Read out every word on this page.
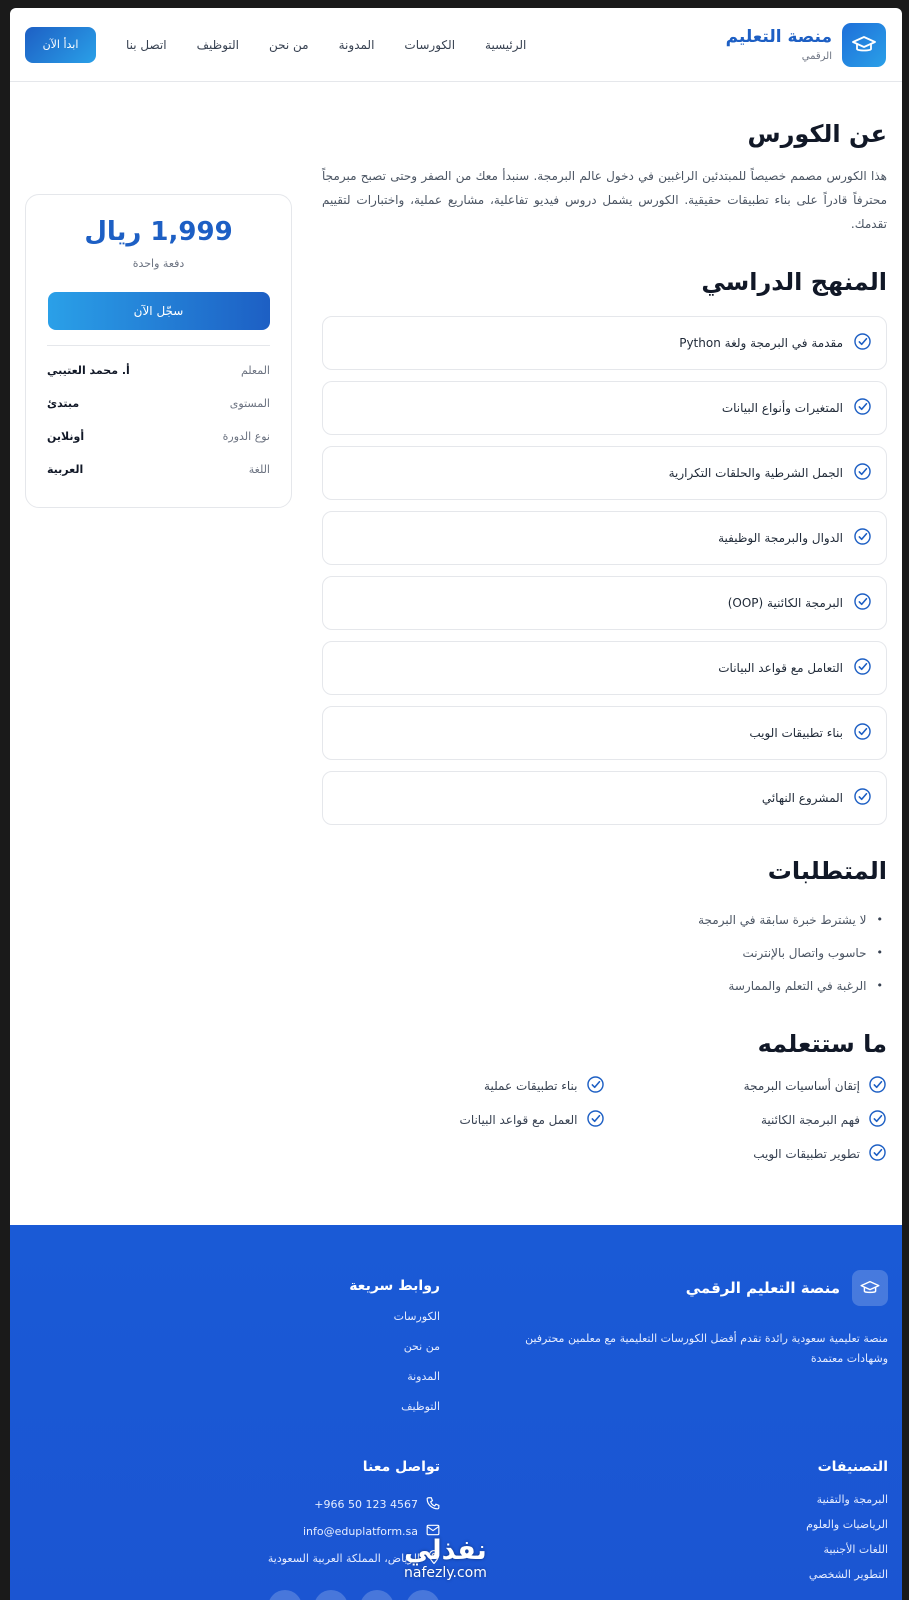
منصة التعليم
الرقمي
الرئيسية
الكورسات
المدونة
من نحن
التوظيف
اتصل بنا
ابدأ الآن
عن الكورس

هذا الكورس مصمم خصيصاً للمبتدئين الراغبين في دخول عالم البرمجة. سنبدأ معك من الصفر وحتى تصبح مبرمجاً محترفاً قادراً على بناء تطبيقات حقيقية. الكورس يشمل دروس فيديو تفاعلية، مشاريع عملية، واختبارات لتقييم تقدمك.

المنهج الدراسي
مقدمة في البرمجة ولغة Python
المتغيرات وأنواع البيانات
الجمل الشرطية والحلقات التكرارية
الدوال والبرمجة الوظيفية
البرمجة الكائنية (OOP)
التعامل مع قواعد البيانات
بناء تطبيقات الويب
المشروع النهائي
المتطلبات
• لا يشترط خبرة سابقة في البرمجة
• حاسوب واتصال بالإنترنت
• الرغبة في التعلم والممارسة
ما ستتعلمه
إتقان أساسيات البرمجة
بناء تطبيقات عملية
فهم البرمجة الكائنية
العمل مع قواعد البيانات
تطوير تطبيقات الويب
1,999 ريال
دفعة واحدة
سجّل الآن
المعلم
أ. محمد العتيبي
المستوى
مبتدئ
نوع الدورة
أونلاين
اللغة
العربية
منصة التعليم الرقمي

منصة تعليمية سعودية رائدة تقدم أفضل الكورسات التعليمية مع معلمين محترفين وشهادات معتمدة

روابط سريعة
الكورسات
من نحن
المدونة
التوظيف
التصنيفات
البرمجة والتقنية
الرياضيات والعلوم
اللغات الأجنبية
التطوير الشخصي
تواصل معنا
+966 50 123 4567
info@eduplatform.sa
الرياض، المملكة العربية السعودية
نفذلي
nafezly.com
